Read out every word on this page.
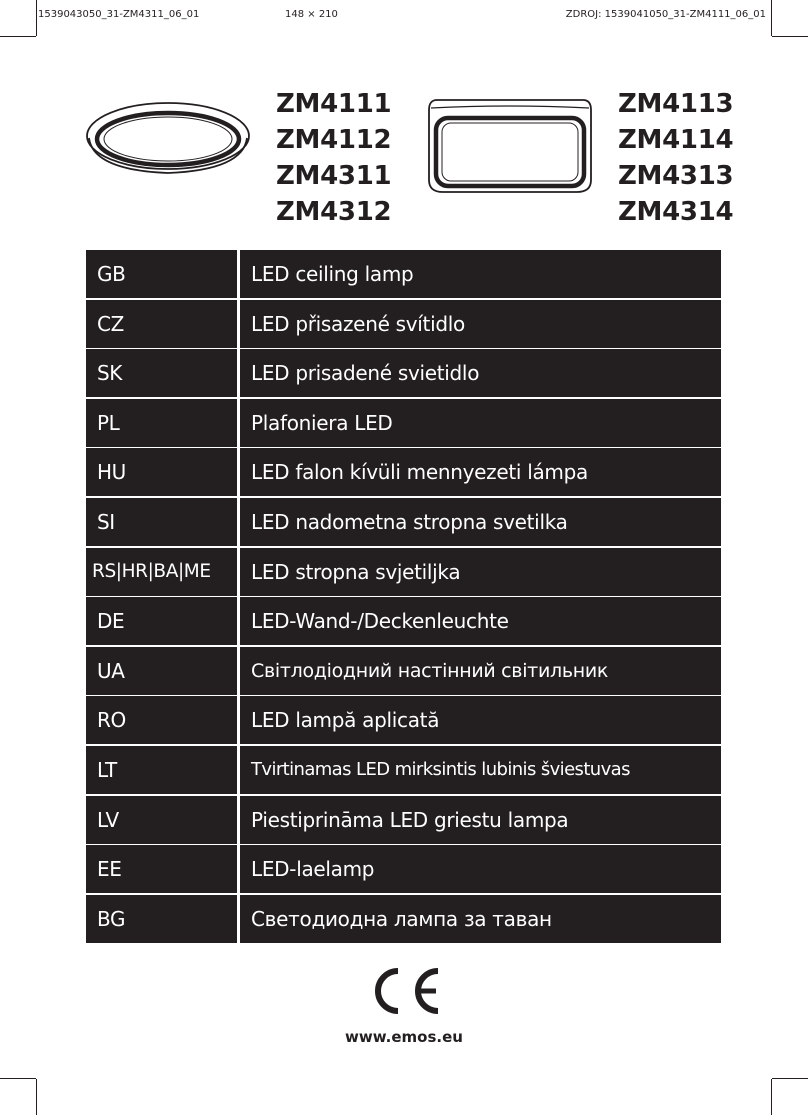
1539043050_31-ZM4311_06_01	148 × 210	ZDROJ: 1539041050_31-ZM4111_06_01
ZM4111
ZM4112
ZM4311
ZM4312
ZM4113
ZM4114
ZM4313
ZM4314
GB	LED ceiling lamp
CZ	LED přisazené svítidlo
SK	LED prisadené svietidlo
PL	Plafoniera LED
HU	LED falon kívüli mennyezeti lámpa
SI	LED nadometna stropna svetilka
RS|HR|BA|ME	LED stropna svjetiljka
DE	LED-Wand-/Deckenleuchte
UA	Світлодіодний настінний світильник
RO	LED lampă aplicată
LT	Tvirtinamas LED mirksintis lubinis šviestuvas
LV	Piestiprināma LED griestu lampa
EE	LED-laelamp
BG	Светодиодна лампа за таван
www.emos.eu
